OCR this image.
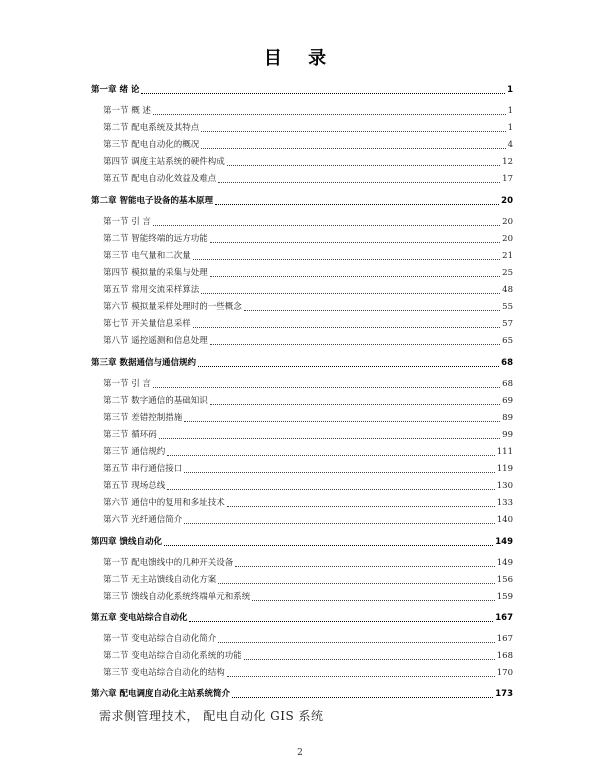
目 录
第一章 绪 论	1
第一节 概 述	1
第二节 配电系统及其特点	1
第三节 配电自动化的概况	4
第四节 调度主站系统的硬件构成	12
第五节 配电自动化效益及难点	17
第二章 智能电子设备的基本原理	20
第一节 引 言	20
第二节 智能终端的远方功能	20
第三节 电气量和二次量	21
第四节 模拟量的采集与处理	25
第五节 常用交流采样算法	48
第六节 模拟量采样处理时的一些概念	55
第七节 开关量信息采样	57
第八节 遥控遥测和信息处理	65
第三章 数据通信与通信规约	68
第一节 引 言	68
第二节 数字通信的基础知识	69
第三节 差错控制措施	89
第三节 循环码	99
第三节 通信规约	111
第五节 串行通信接口	119
第五节 现场总线	130
第六节 通信中的复用和多址技术	133
第六节 光纤通信简介	140
第四章 馈线自动化	149
第一节 配电馈线中的几种开关设备	149
第二节 无主站馈线自动化方案	156
第三节 馈线自动化系统终端单元和系统	159
第五章 变电站综合自动化	167
第一节 变电站综合自动化简介	167
第二节 变电站综合自动化系统的功能	168
第三节 变电站综合自动化的结构	170
第六章 配电调度自动化主站系统简介	173
需求侧管理技术， 配电自动化 GIS 系统
2
